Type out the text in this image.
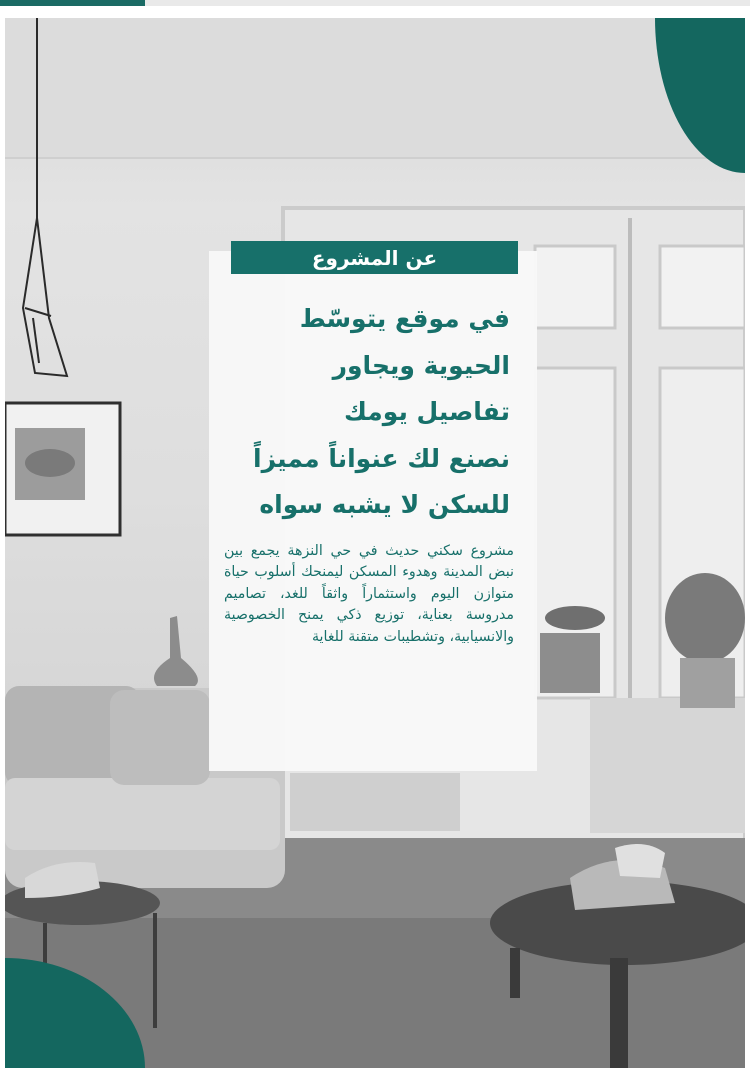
عن المشروع
في موقع يتوسّط
الحيوية ويجاور
تفاصيل يومك
نصنع لك عنواناً مميزاً
للسكن لا يشبه سواه

مشروع سكني حديث في حي النزهة يجمع بين نبض المدينة وهدوء المسكن ليمنحك أسلوب حياة متوازن اليوم واستثماراً واثقاً للغد، تصاميم مدروسة بعناية، توزيع ذكي يمنح الخصوصية والانسيابية، وتشطيبات متقنة للغاية
